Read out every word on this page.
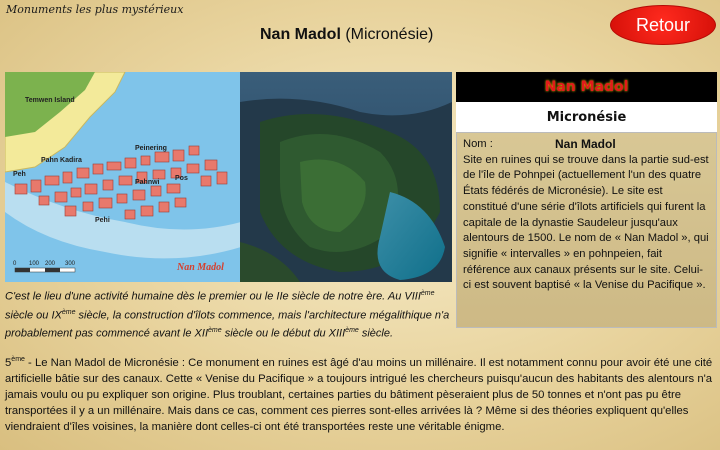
Monuments les plus mystérieux
Nan Madol (Micronésie)	Retour
0 100 200 300
Temwen Island
Peh
Pahn Kadira
Peinering
Pahnwi
Pos
Pehi
Nan Madol
C'est le lieu d'une activité humaine dès le premier ou le IIe siècle de notre ère. Au VIIIème siècle ou IXème siècle, la construction d'îlots commence, mais l'architecture mégalithique n'a probablement pas commencé avant le XIIème siècle ou le début du XIIIème siècle.
Nan Madol
Micronésie
Nom :	Nan Madol
Site en ruines qui se trouve dans la partie sud-est de l'île de Pohnpei (actuellement l'un des quatre États fédérés de Micronésie). Le site est constitué d'une série d'îlots artificiels qui furent la capitale de la dynastie Saudeleur jusqu'aux alentours de 1500. Le nom de « Nan Madol », qui signifie « intervalles » en pohnpeien, fait référence aux canaux présents sur le site. Celui-ci est souvent baptisé « la Venise du Pacifique ».
5ème - Le Nan Madol de Micronésie : Ce monument en ruines est âgé d'au moins un millénaire. Il est notamment connu pour avoir été une cité artificielle bâtie sur des canaux. Cette « Venise du Pacifique » a toujours intrigué les chercheurs puisqu'aucun des habitants des alentours n'a jamais voulu ou pu expliquer son origine. Plus troublant, certaines parties du bâtiment pèseraient plus de 50 tonnes et n'ont pas pu être transportées il y a un millénaire. Mais dans ce cas, comment ces pierres sont-elles arrivées là ? Même si des théories expliquent qu'elles viendraient d'îles voisines, la manière dont celles-ci ont été transportées reste une véritable énigme.
